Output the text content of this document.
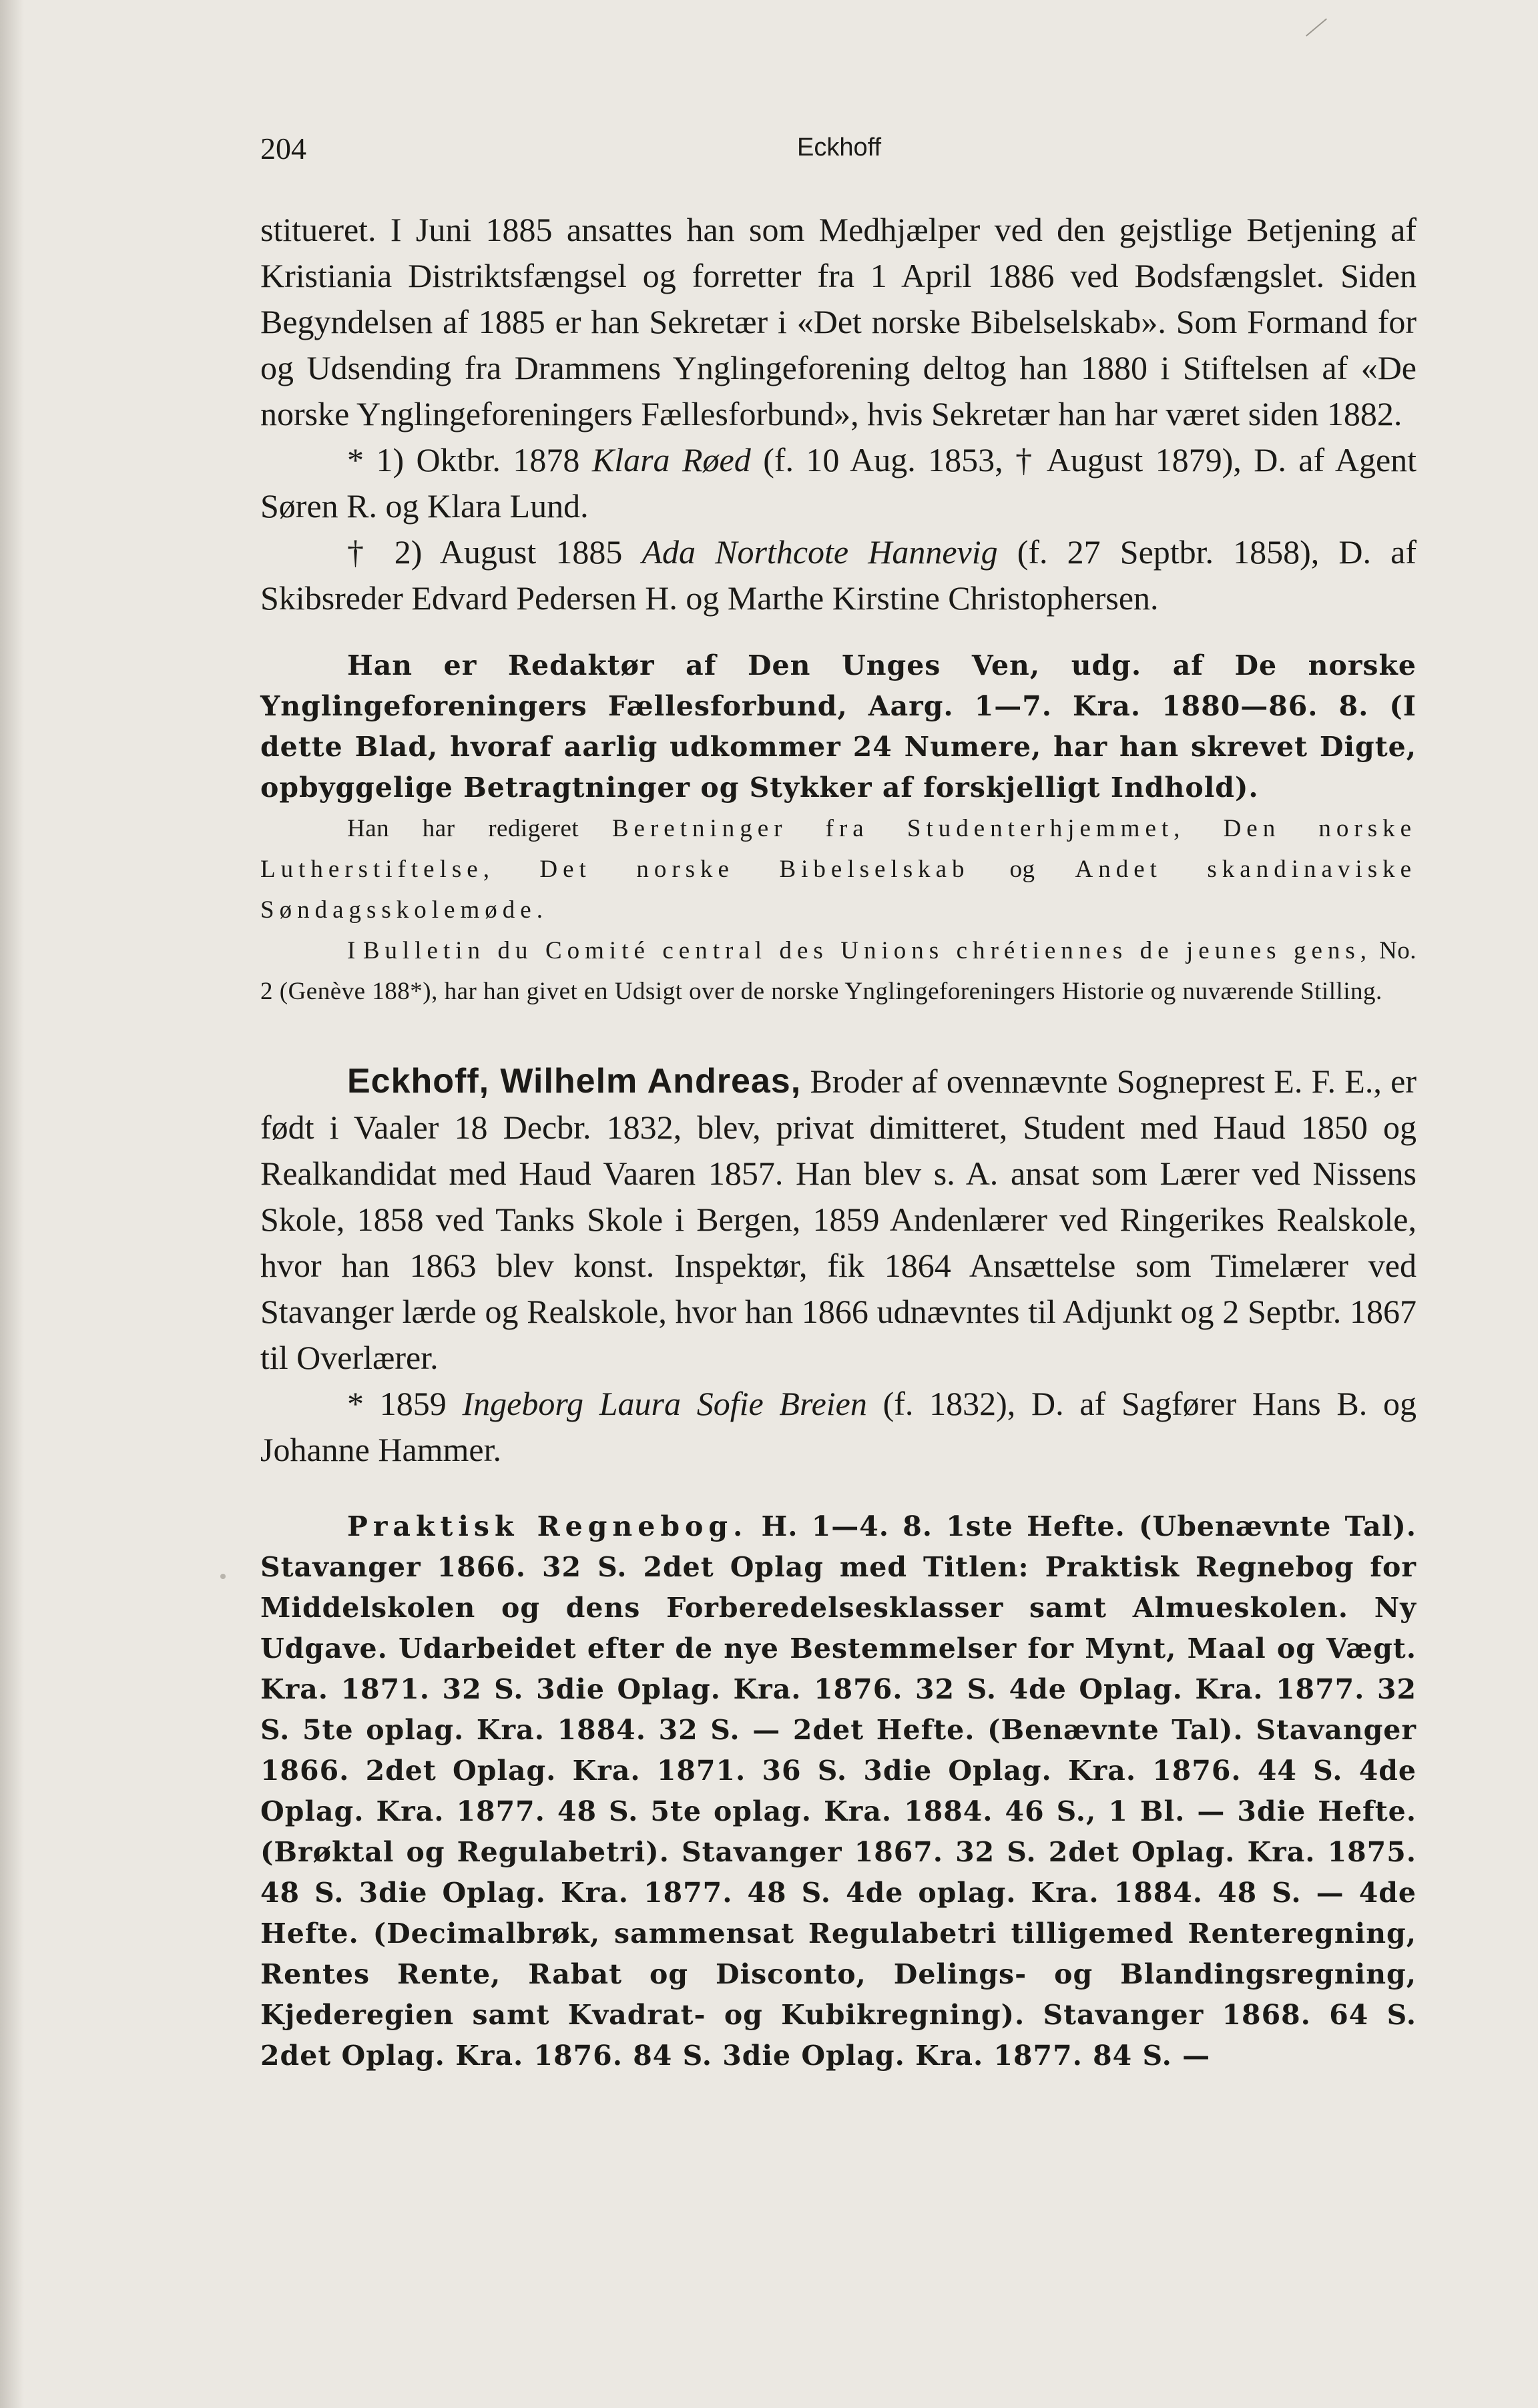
204	Eckhoff

stitueret. I Juni 1885 ansattes han som Medhjælper ved den gejstlige Betjening af Kristiania Distriktsfængsel og forretter fra 1 April 1886 ved Bodsfængslet. Siden Begyndelsen af 1885 er han Sekretær i «Det norske Bibelselskab». Som Formand for og Udsending fra Drammens Ynglingeforening deltog han 1880 i Stiftelsen af «De norske Ynglingeforeningers Fællesforbund», hvis Sekretær han har været siden 1882.

* 1) Oktbr. 1878 Klara Røed (f. 10 Aug. 1853, † August 1879), D. af Agent Søren R. og Klara Lund.

† 2) August 1885 Ada Northcote Hannevig (f. 27 Septbr. 1858), D. af Skibsreder Edvard Pedersen H. og Marthe Kirstine Christophersen.

Han er Redaktør af Den Unges Ven, udg. af De norske Ynglingeforeningers Fællesforbund, Aarg. 1—7. Kra. 1880—86. 8. (I dette Blad, hvoraf aarlig udkommer 24 Numere, har han skrevet Digte, opbyggelige Betragtninger og Stykker af forskjelligt Indhold).

Han har redigeret Beretninger fra Studenterhjemmet, Den norske Lutherstiftelse, Det norske Bibelselskab og Andet skandinaviske Søndagsskolemøde.

I Bulletin du Comité central des Unions chrétiennes de jeunes gens, No. 2 (Genève 188*), har han givet en Udsigt over de norske Ynglingeforeningers Historie og nuværende Stilling.

Eckhoff, Wilhelm Andreas, Broder af ovennævnte Sogneprest E. F. E., er født i Vaaler 18 Decbr. 1832, blev, privat dimitteret, Student med Haud 1850 og Realkandidat med Haud Vaaren 1857. Han blev s. A. ansat som Lærer ved Nissens Skole, 1858 ved Tanks Skole i Bergen, 1859 Andenlærer ved Ringerikes Realskole, hvor han 1863 blev konst. Inspektør, fik 1864 Ansættelse som Timelærer ved Stavanger lærde og Realskole, hvor han 1866 udnævntes til Adjunkt og 2 Septbr. 1867 til Overlærer.

* 1859 Ingeborg Laura Sofie Breien (f. 1832), D. af Sagfører Hans B. og Johanne Hammer.

Praktisk Regnebog. H. 1—4. 8. 1ste Hefte. (Ubenævnte Tal). Stavanger 1866. 32 S. 2det Oplag med Titlen: Praktisk Regnebog for Middelskolen og dens Forberedelsesklasser samt Almueskolen. Ny Udgave. Udarbeidet efter de nye Bestemmelser for Mynt, Maal og Vægt. Kra. 1871. 32 S. 3die Oplag. Kra. 1876. 32 S. 4de Oplag. Kra. 1877. 32 S. 5te oplag. Kra. 1884. 32 S. — 2det Hefte. (Benævnte Tal). Stavanger 1866. 2det Oplag. Kra. 1871. 36 S. 3die Oplag. Kra. 1876. 44 S. 4de Oplag. Kra. 1877. 48 S. 5te oplag. Kra. 1884. 46 S., 1 Bl. — 3die Hefte. (Brøktal og Regulabetri). Stavanger 1867. 32 S. 2det Oplag. Kra. 1875. 48 S. 3die Oplag. Kra. 1877. 48 S. 4de oplag. Kra. 1884. 48 S. — 4de Hefte. (Decimalbrøk, sammensat Regulabetri tilligemed Renteregning, Rentes Rente, Rabat og Discontо, Delings- og Blandingsregning, Kjederegien samt Kvadrat- og Kubikregning). Stavanger 1868. 64 S. 2det Oplag. Kra. 1876. 84 S. 3die Oplag. Kra. 1877. 84 S. —
